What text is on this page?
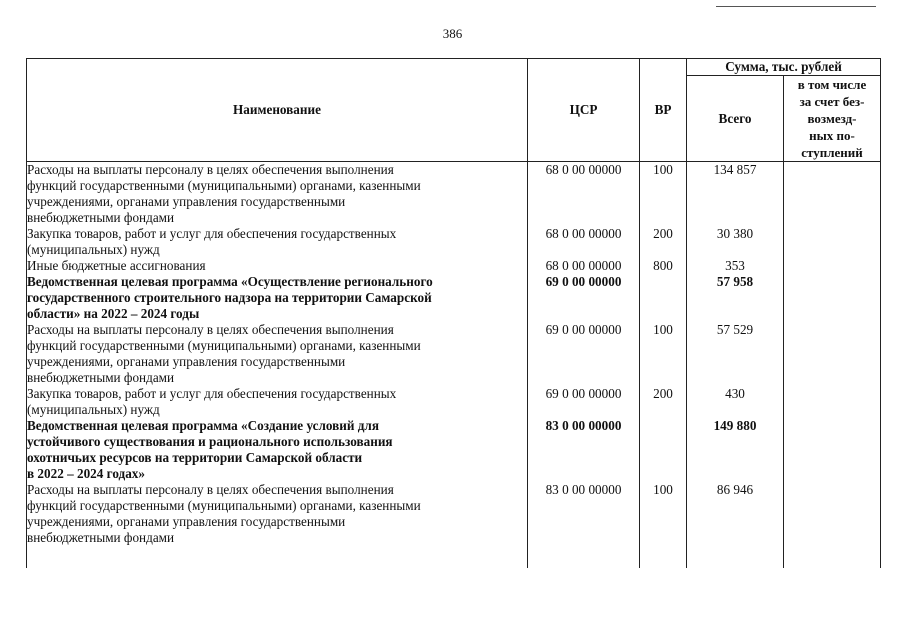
386
Наименование	ЦСР	ВР	Сумма, тыс. рублей	
			Всего	в том числе
за счет без-
возмезд-
ных по-
ступлений

Расходы на выплаты персоналу в целях обеспечения выполнения
функций государственными (муниципальными) органами, казенными
учреждениями, органами управления государственными
внебюджетными фондами	68 0 00 00000	100	134 857	

Закупка товаров, работ и услуг для обеспечения государственных
(муниципальных) нужд	68 0 00 00000	200	30 380	

Иные бюджетные ассигнования	68 0 00 00000	800	353	

Ведомственная целевая программа «Осуществление регионального
государственного строительного надзора на территории Самарской
области» на 2022 – 2024 годы	69 0 00 00000		57 958	

Расходы на выплаты персоналу в целях обеспечения выполнения
функций государственными (муниципальными) органами, казенными
учреждениями, органами управления государственными
внебюджетными фондами	69 0 00 00000	100	57 529	

Закупка товаров, работ и услуг для обеспечения государственных
(муниципальных) нужд	69 0 00 00000	200	430	

Ведомственная целевая программа «Создание условий для
устойчивого существования и рационального использования
охотничьих ресурсов на территории Самарской области
в 2022 – 2024 годах»	83 0 00 00000		149 880	

Расходы на выплаты персоналу в целях обеспечения выполнения
функций государственными (муниципальными) органами, казенными
учреждениями, органами управления государственными
внебюджетными фондами	83 0 00 00000	100	86 946	
